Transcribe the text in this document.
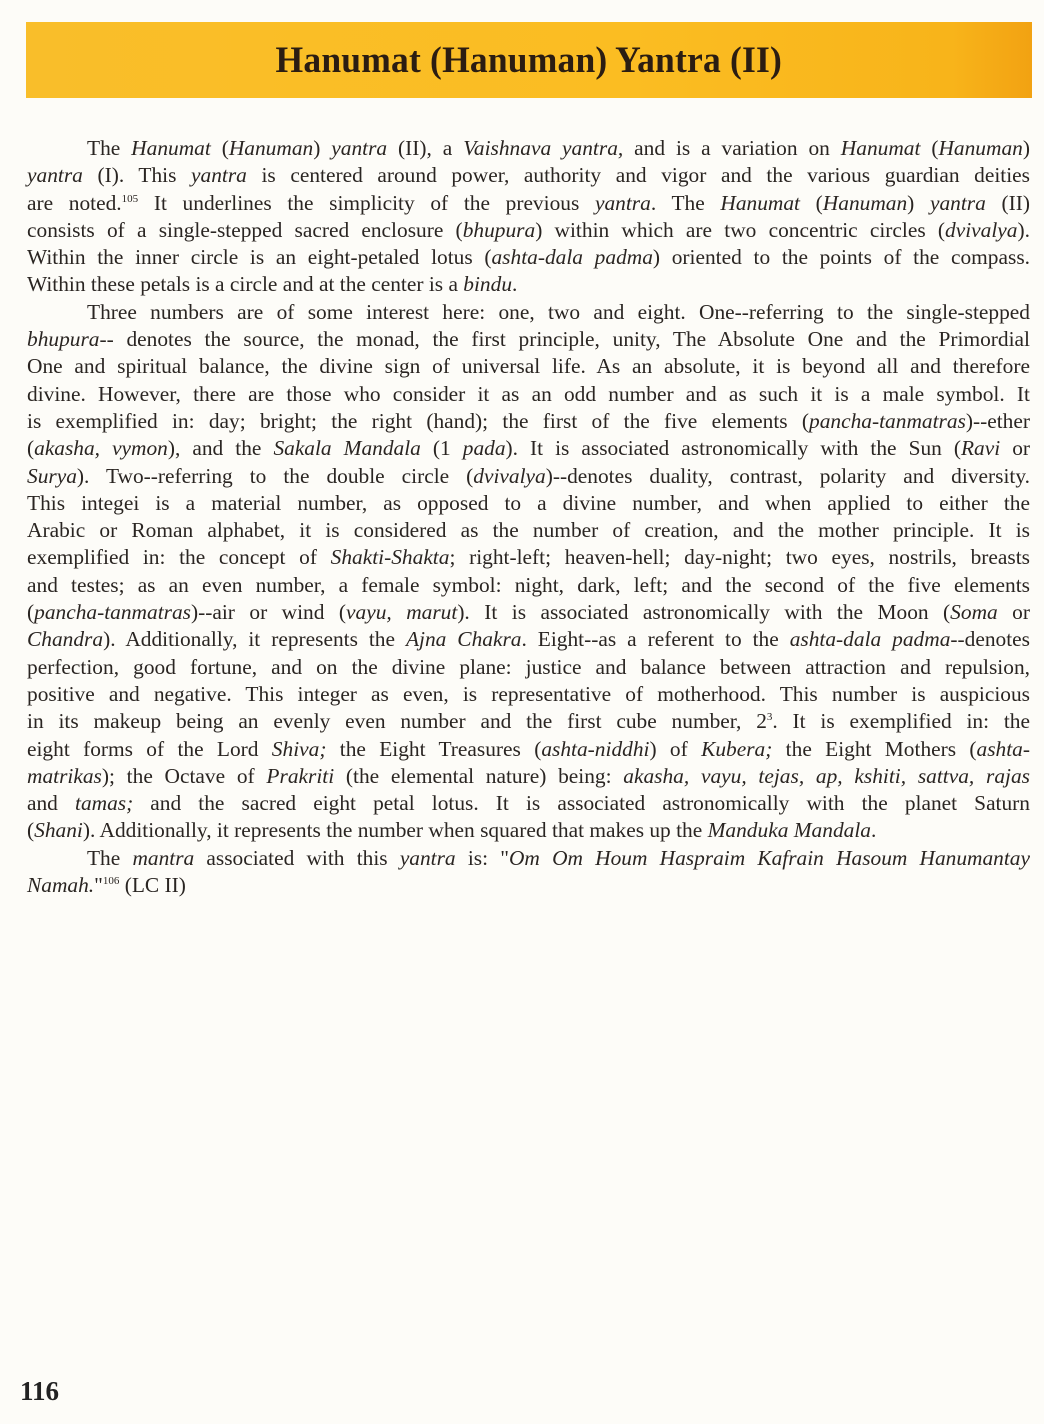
Hanumat (Hanuman) Yantra (II)
The Hanumat (Hanuman) yantra (II), a Vaishnava yantra, and is a variation on Hanumat (Hanuman)
yantra (I). This yantra is centered around power, authority and vigor and the various guardian deities
are noted.$^{105}$ It underlines the simplicity of the previous yantra. The Hanumat (Hanuman) yantra (II)
consists of a single-stepped sacred enclosure (bhupura) within which are two concentric circles (dvivalya).
Within the inner circle is an eight-petaled lotus (ashta-dala padma) oriented to the points of the compass.
Within these petals is a circle and at the center is a bindu.
Three numbers are of some interest here: one, two and eight. One--referring to the single-stepped
bhupura-- denotes the source, the monad, the first principle, unity, The Absolute One and the Primordial
One and spiritual balance, the divine sign of universal life. As an absolute, it is beyond all and therefore
divine. However, there are those who consider it as an odd number and as such it is a male symbol. It
is exemplified in: day; bright; the right (hand); the first of the five elements (pancha-tanmatras)--ether
(akasha, vymon), and the Sakala Mandala (1 pada). It is associated astronomically with the Sun (Ravi or
Surya). Two--referring to the double circle (dvivalya)--denotes duality, contrast, polarity and diversity.
This integei is a material number, as opposed to a divine number, and when applied to either the
Arabic or Roman alphabet, it is considered as the number of creation, and the mother principle. It is
exemplified in: the concept of Shakti-Shakta; right-left; heaven-hell; day-night; two eyes, nostrils, breasts
and testes; as an even number, a female symbol: night, dark, left; and the second of the five elements
(pancha-tanmatras)--air or wind (vayu, marut). It is associated astronomically with the Moon (Soma or
Chandra). Additionally, it represents the Ajna Chakra. Eight--as a referent to the ashta-dala padma--denotes
perfection, good fortune, and on the divine plane: justice and balance between attraction and repulsion,
positive and negative. This integer as even, is representative of motherhood. This number is auspicious
in its makeup being an evenly even number and the first cube number, $2^3$. It is exemplified in: the
eight forms of the Lord Shiva; the Eight Treasures (ashta-niddhi) of Kubera; the Eight Mothers (ashta-
matrikas); the Octave of Prakriti (the elemental nature) being: akasha, vayu, tejas, ap, kshiti, sattva, rajas
and tamas; and the sacred eight petal lotus. It is associated astronomically with the planet Saturn
(Shani). Additionally, it represents the number when squared that makes up the Manduka Mandala.
The mantra associated with this yantra is: "Om Om Houm Haspraim Kafrain Hasoum Hanumantay
Namah."$^{106}$ (LC II)
116
